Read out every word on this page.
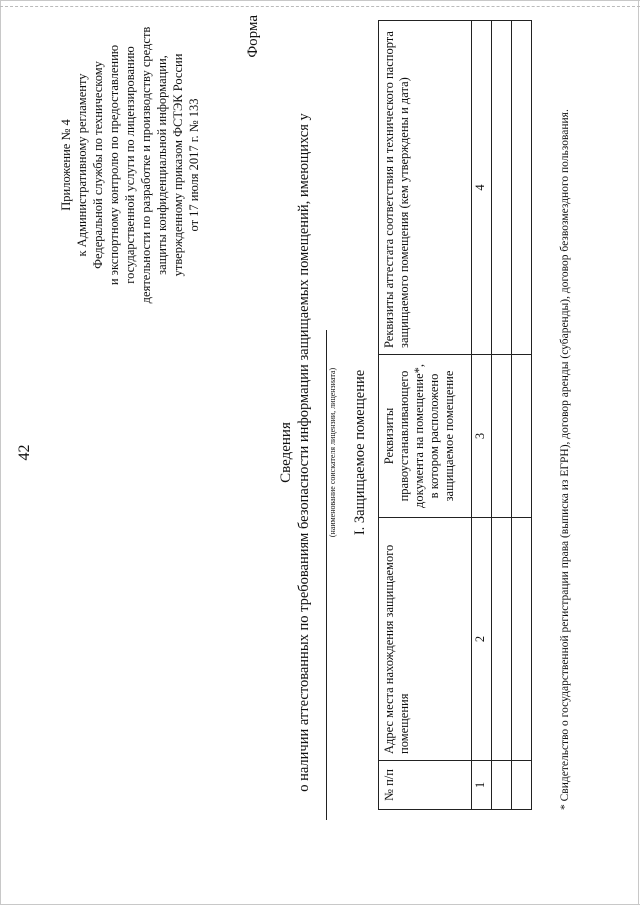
42
Приложение № 4 к Административному регламенту Федеральной службы по техническому и экспортному контролю по предоставлению государственной услуги по лицензированию деятельности по разработке и производству средств защиты конфиденциальной информации, утвержденному приказом ФСТЭК России от 17 июля 2017 г. № 133
Форма
Сведения о наличии аттестованных по требованиям безопасности информации защищаемых помещений, имеющихся у (наименование соискателя лицензии, лицензиата) I. Защищаемое помещение
№ п/п	Адрес места нахождения защищаемого помещения	Реквизиты правоустанавливающего документа на помещение*, в котором расположено защищаемое помещение	Реквизиты аттестата соответствия и технического паспорта защищаемого помещения (кем утверждены и дата)
1	2	3	4

				* Свидетельство о государственной регистрации права (выписка из ЕГРН), договор аренды (субаренды), договор безвозмездного пользования.
